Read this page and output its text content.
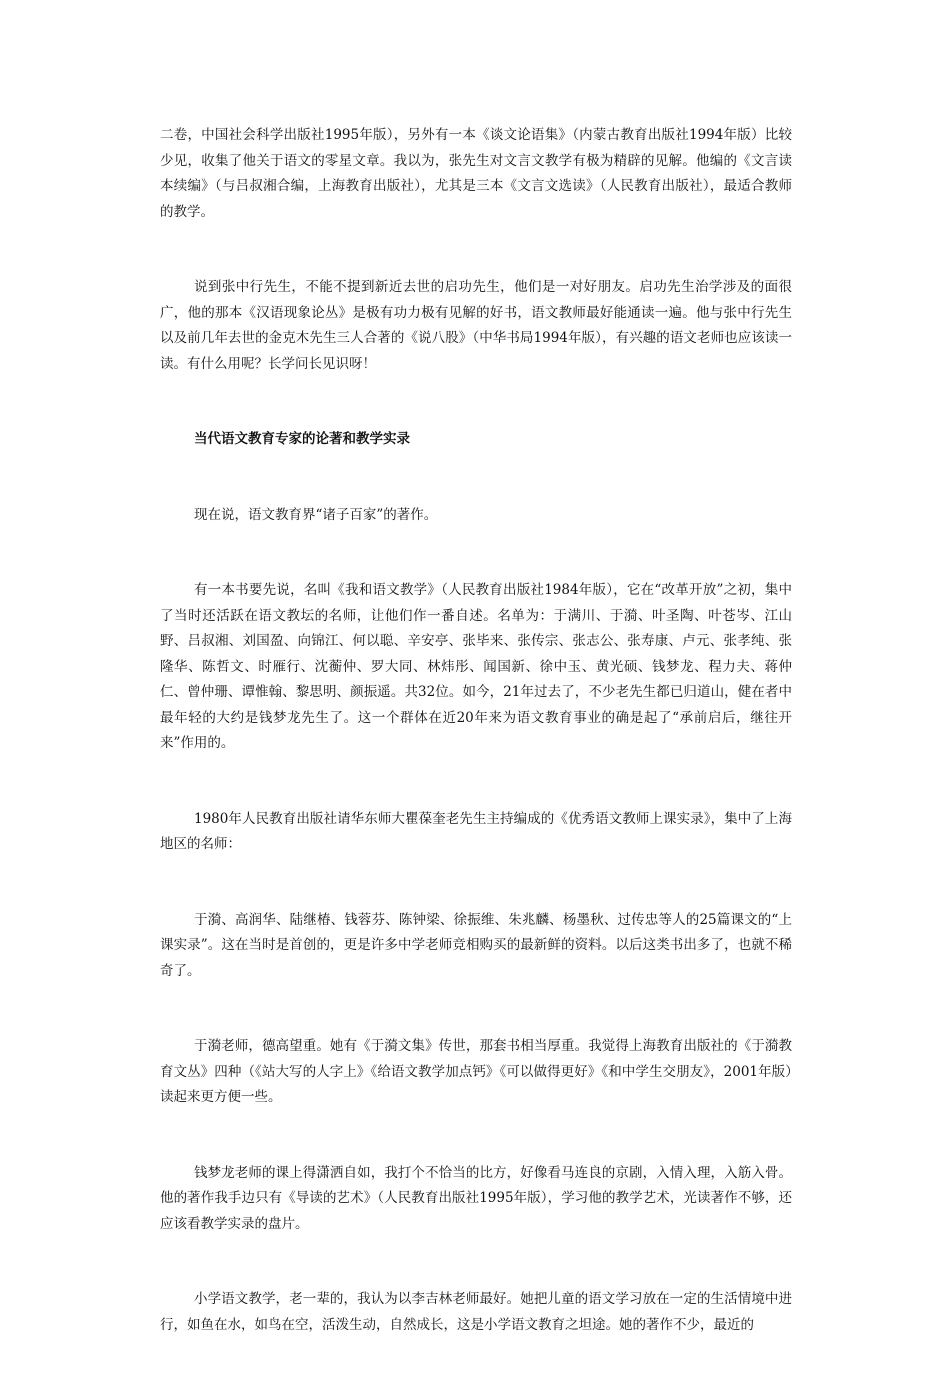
二卷，中国社会科学出版社1995年版），另外有一本《谈文论语集》（内蒙古教育出版社1994年版）比较少见，收集了他关于语文的零星文章。我以为，张先生对文言文教学有极为精辟的见解。他编的《文言读本续编》（与吕叔湘合编，上海教育出版社），尤其是三本《文言文选读》（人民教育出版社），最适合教师的教学。

说到张中行先生，不能不提到新近去世的启功先生，他们是一对好朋友。启功先生治学涉及的面很广，他的那本《汉语现象论丛》是极有功力极有见解的好书，语文教师最好能通读一遍。他与张中行先生以及前几年去世的金克木先生三人合著的《说八股》（中华书局1994年版），有兴趣的语文老师也应该读一读。有什么用呢？长学问长见识呀！

当代语文教育专家的论著和教学实录

现在说，语文教育界“诸子百家”的著作。

有一本书要先说，名叫《我和语文教学》（人民教育出版社1984年版），它在“改革开放”之初，集中了当时还活跃在语文教坛的名师，让他们作一番自述。名单为：于满川、于漪、叶圣陶、叶苍岑、江山野、吕叔湘、刘国盈、向锦江、何以聪、辛安亭、张毕来、张传宗、张志公、张寿康、卢元、张孝纯、张隆华、陈哲文、时雁行、沈蘅仲、罗大同、林炜彤、闻国新、徐中玉、黄光硕、钱梦龙、程力夫、蒋仲仁、曾仲珊、谭惟翰、黎思明、颜振遥。共32位。如今，21年过去了，不少老先生都已归道山，健在者中最年轻的大约是钱梦龙先生了。这一个群体在近20年来为语文教育事业的确是起了“承前启后，继往开来”作用的。

1980年人民教育出版社请华东师大瞿葆奎老先生主持编成的《优秀语文教师上课实录》，集中了上海地区的名师：

于漪、高润华、陆继椿、钱蓉芬、陈钟梁、徐振维、朱兆麟、杨墨秋、过传忠等人的25篇课文的“上课实录”。这在当时是首创的，更是许多中学老师竞相购买的最新鲜的资料。以后这类书出多了，也就不稀奇了。

于漪老师，德高望重。她有《于漪文集》传世，那套书相当厚重。我觉得上海教育出版社的《于漪教育文丛》四种（《站大写的人字上》《给语文教学加点钙》《可以做得更好》《和中学生交朋友》，2001年版）读起来更方便一些。

钱梦龙老师的课上得潇洒自如，我打个不恰当的比方，好像看马连良的京剧，入情入理，入筋入骨。他的著作我手边只有《导读的艺术》（人民教育出版社1995年版），学习他的教学艺术，光读著作不够，还应该看教学实录的盘片。

小学语文教学，老一辈的，我认为以李吉林老师最好。她把儿童的语文学习放在一定的生活情境中进行，如鱼在水，如鸟在空，活泼生动，自然成长，这是小学语文教育之坦途。她的著作不少，最近的
